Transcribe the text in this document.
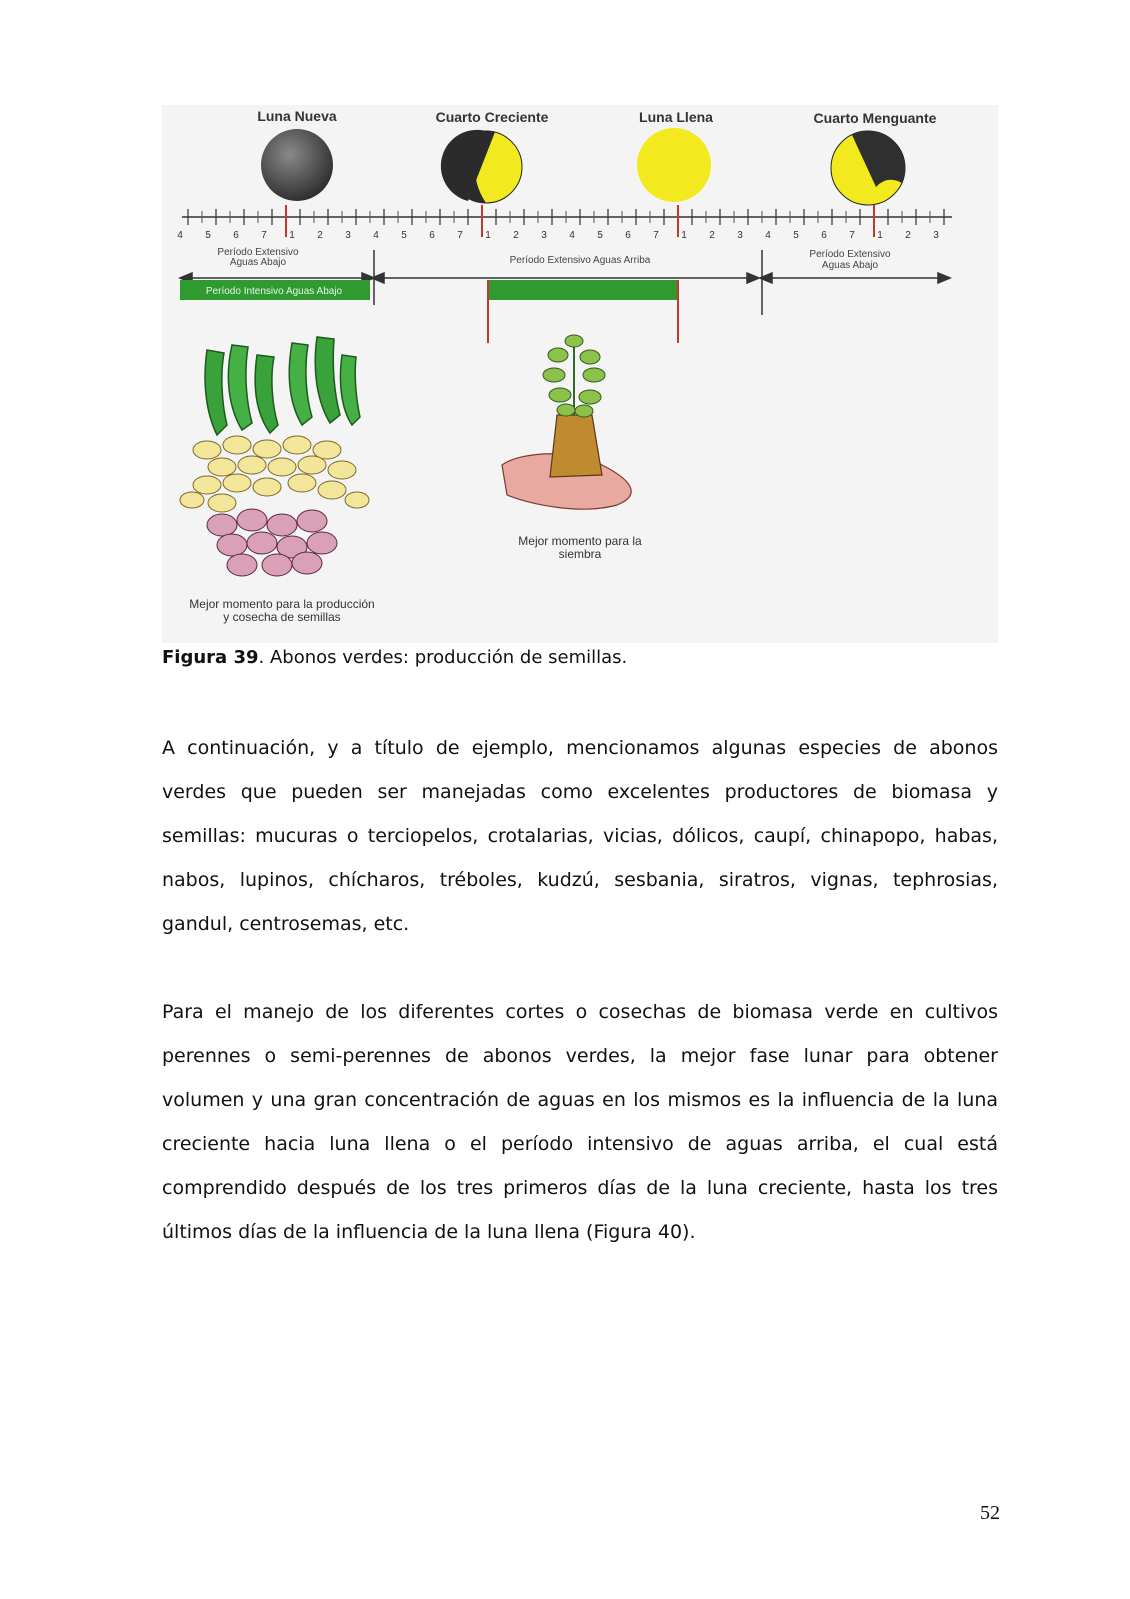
Luna Nueva	Cuarto Creciente	Luna Llena	Cuarto Menguante
4 5 6 7 1 2 3 4 5 6 7 1 2 3 4 5 6 7 1 2 3 4 5 6 7 1 2 3
Período Extensivo
Aguas Abajo	Período Extensivo Aguas Arriba
Período Extensivo
Aguas Abajo
Período Intensivo Aguas Abajo
Mejor momento para la
siembra
Mejor momento para la producción
y cosecha de semillas
Figura 39. Abonos verdes: producción de semillas.

A continuación, y a título de ejemplo, mencionamos algunas especies de abonos verdes que pueden ser manejadas como excelentes productores de biomasa y semillas: mucuras o terciopelos, crotalarias, vicias, dólicos, caupí, chinapopo, habas, nabos, lupinos, chícharos, tréboles, kudzú, sesbania, siratros, vignas, tephrosias, gandul, centrosemas, etc.

Para el manejo de los diferentes cortes o cosechas de biomasa verde en cultivos perennes o semi-perennes de abonos verdes, la mejor fase lunar para obtener volumen y una gran concentración de aguas en los mismos es la influencia de la luna creciente hacia luna llena o el período intensivo de aguas arriba, el cual está comprendido después de los tres primeros días de la luna creciente, hasta los tres últimos días de la influencia de la luna llena (Figura 40).

52
